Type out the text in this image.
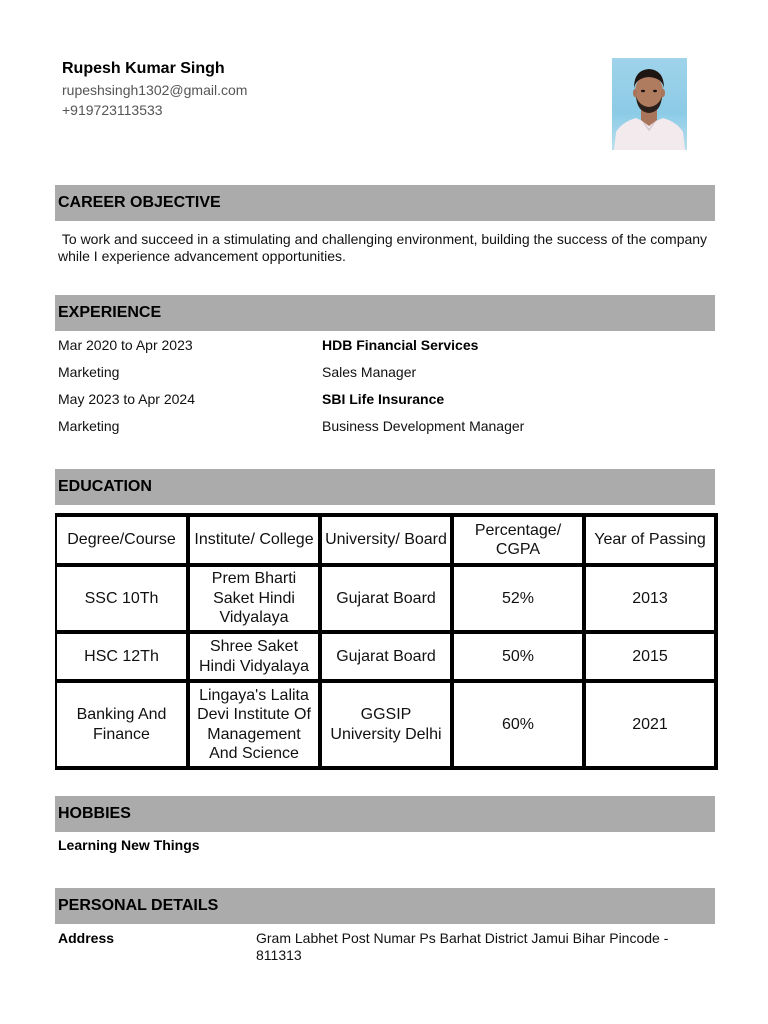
Rupesh Kumar Singh
rupeshsingh1302@gmail.com
+919723113533
CAREER OBJECTIVE
To work and succeed in a stimulating and challenging environment, building the success of the company while I experience advancement opportunities.
EXPERIENCE
Mar 2020 to Apr 2023	HDB Financial Services
Marketing	Sales Manager
May 2023 to Apr 2024	SBI Life Insurance
Marketing	Business Development Manager
EDUCATION
Degree/Course	Institute/ College	University/ Board	Percentage/ CGPA	Year of Passing
SSC 10Th	Prem Bharti Saket Hindi Vidyalaya	Gujarat Board	52%	2013
HSC 12Th	Shree Saket Hindi Vidyalaya	Gujarat Board	50%	2015
Banking And Finance	Lingaya's Lalita Devi Institute Of Management And Science	GGSIP University Delhi	60%	2021
HOBBIES
Learning New Things
PERSONAL DETAILS
Address	Gram Labhet Post Numar Ps Barhat District Jamui Bihar Pincode - 811313
